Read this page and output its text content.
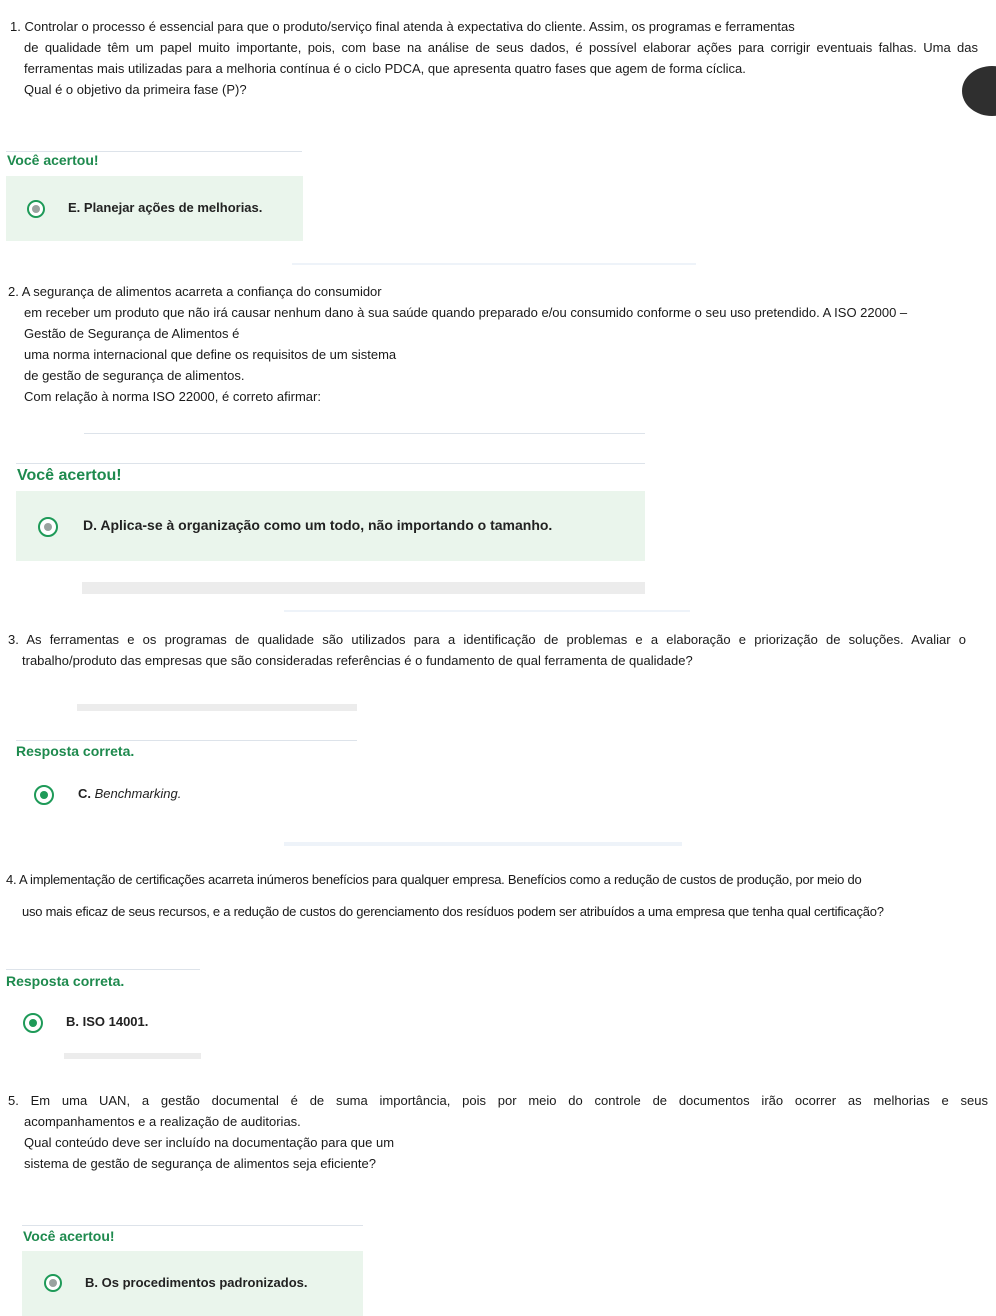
1. Controlar o processo é essencial para que o produto/serviço final atenda à expectativa do cliente. Assim, os programas e ferramentas
de qualidade têm um papel muito importante, pois, com base na análise de seus dados, é possível elaborar ações para corrigir eventuais falhas. Uma das
ferramentas mais utilizadas para a melhoria contínua é o ciclo PDCA, que apresenta quatro fases que agem de forma cíclica.
Qual é o objetivo da primeira fase (P)?
Você acertou!
E. Planejar ações de melhorias.
2. A segurança de alimentos acarreta a confiança do consumidor
em receber um produto que não irá causar nenhum dano à sua saúde quando preparado e/ou consumido conforme o seu uso pretendido. A ISO 22000 –
Gestão de Segurança de Alimentos é
uma norma internacional que define os requisitos de um sistema
de gestão de segurança de alimentos.
Com relação à norma ISO 22000, é correto afirmar:
Você acertou!
D. Aplica-se à organização como um todo, não importando o tamanho.
3. As ferramentas e os programas de qualidade são utilizados para a identificação de problemas e a elaboração e priorização de soluções. Avaliar o
trabalho/produto das empresas que são consideradas referências é o fundamento de qual ferramenta de qualidade?
Resposta correta.
C. Benchmarking.
4. A implementação de certificações acarreta inúmeros benefícios para qualquer empresa. Benefícios como a redução de custos de produção, por meio do
uso mais eficaz de seus recursos, e a redução de custos do gerenciamento dos resíduos podem ser atribuídos a uma empresa que tenha qual certificação?
Resposta correta.
B. ISO 14001.
5. Em uma UAN, a gestão documental é de suma importância, pois por meio do controle de documentos irão ocorrer as melhorias e seus
acompanhamentos e a realização de auditorias.
Qual conteúdo deve ser incluído na documentação para que um
sistema de gestão de segurança de alimentos seja eficiente?
Você acertou!
B. Os procedimentos padronizados.
